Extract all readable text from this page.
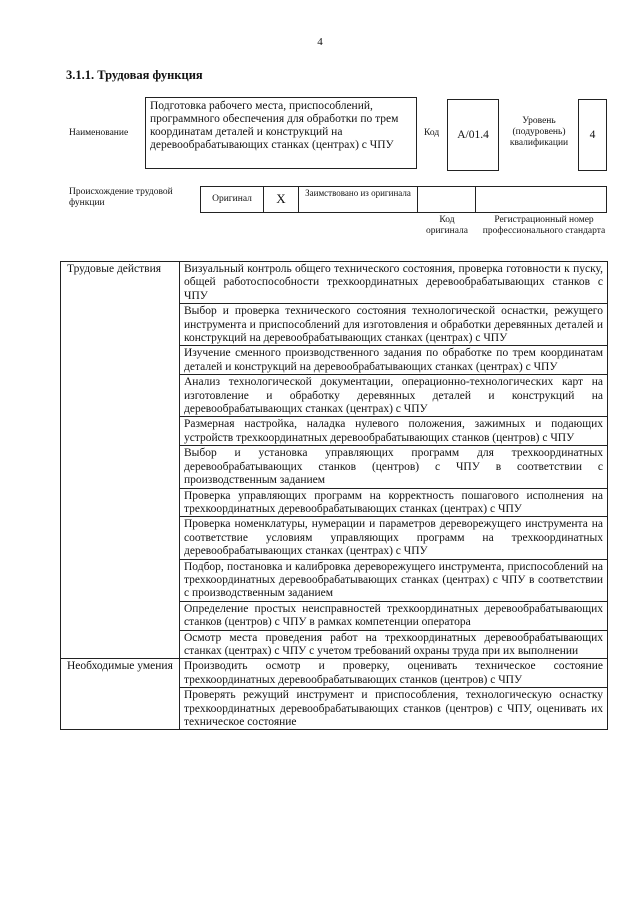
4
3.1.1. Трудовая функция
Наименование
Подготовка рабочего места, приспособлений, программного обеспечения для обработки по трем координатам деталей и конструкций на деревообрабатывающих станках (центрах) с ЧПУ
Код A/01.4
Уровень (подуровень) квалификации
4
Происхождение трудовой функции	Оригинал	X	Заимствовано из оригинала
Код оригинала
Регистрационный номер профессионального стандарта
Трудовые действия	Визуальный контроль общего технического состояния, проверка готовности к пуску, общей работоспособности трехкоординатных деревообрабатывающих станков с ЧПУ
	Выбор и проверка технического состояния технологической оснастки, режущего инструмента и приспособлений для изготовления и обработки деревянных деталей и конструкций на деревообрабатывающих станках (центрах) с ЧПУ
	Изучение сменного производственного задания по обработке по трем координатам деталей и конструкций на деревообрабатывающих станках (центрах) с ЧПУ
	Анализ технологической документации, операционно-технологических карт на изготовление и обработку деревянных деталей и конструкций на деревообрабатывающих станках (центрах) с ЧПУ
	Размерная настройка, наладка нулевого положения, зажимных и подающих устройств трехкоординатных деревообрабатывающих станков (центров) с ЧПУ
	Выбор и установка управляющих программ для трехкоординатных деревообрабатывающих станков (центров) с ЧПУ в соответствии с производственным заданием
	Проверка управляющих программ на корректность пошагового исполнения на трехкоординатных деревообрабатывающих станках (центрах) с ЧПУ
	Проверка номенклатуры, нумерации и параметров дереворежущего инструмента на соответствие условиям управляющих программ на трехкоординатных деревообрабатывающих станках (центрах) с ЧПУ
	Подбор, постановка и калибровка дереворежущего инструмента, приспособлений на трехкоординатных деревообрабатывающих станках (центрах) с ЧПУ в соответствии с производственным заданием
	Определение простых неисправностей трехкоординатных деревообрабатывающих станков (центров) с ЧПУ в рамках компетенции оператора
	Осмотр места проведения работ на трехкоординатных деревообрабатывающих станках (центрах) с ЧПУ с учетом требований охраны труда при их выполнении
Необходимые умения	Производить осмотр и проверку, оценивать техническое состояние трехкоординатных деревообрабатывающих станков (центров) с ЧПУ
	Проверять режущий инструмент и приспособления, технологическую оснастку трехкоординатных деревообрабатывающих станков (центров) с ЧПУ, оценивать их техническое состояние
